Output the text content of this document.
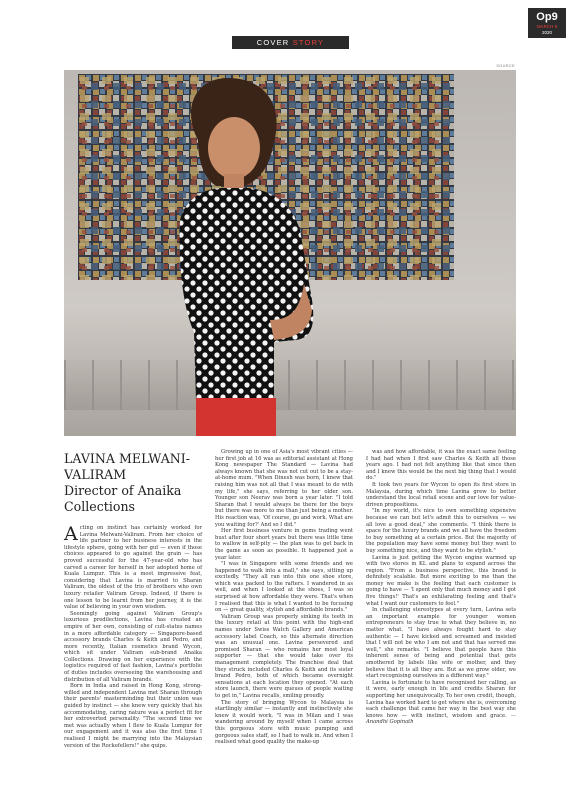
Op9
MARCH 9
2020
COVER STORY
SOURCE
LAVINA MELWANI-
VALIRAM
Director of Anaika
Collections

Acting on instinct has certainly worked for Lavina Melwani-Valiram. From her choice of life partner to her business interests in the lifestyle sphere, going with her gut — even if those choices appeared to go against the grain — has proved successful for the 47-year-old who has carved a career for herself in her adopted home of Kuala Lumpur. This is a most impressive feat, considering that Lavina is married to Sharan Valiram, the oldest of the trio of brothers who own luxury retailer Valiram Group. Indeed, if there is one lesson to be learnt from her journey, it is the value of believing in your own wisdom.

Seemingly going against Valiram Group's luxurious predilections, Lavina has created an empire of her own, consisting of cult-status names in a more affordable category — Singapore-based accessory brands Charles & Keith and Pedro, and more recently, Italian cosmetics brand Wycon, which sit under Valiram sub-brand Anaika Collections. Drawing on her experience with the logistics required of fast fashion, Lavina's portfolio of duties includes overseeing the warehousing and distribution of all Valiram brands.

Born in India and raised in Hong Kong, strong-willed and independent Lavina met Sharan through their parents' masterminding but their union was guided by instinct — she knew very quickly that his accommodating, caring nature was a perfect fit for her extroverted personality. "The second time we met was actually when I flew to Kuala Lumpur for our engagement and it was also the first time I realised I might be marrying into the Malaysian version of the Rockefellers!" she quips.

Growing up in one of Asia's most vibrant cities — her first job at 16 was as editorial assistant at Hong Kong newspaper The Standard — Lavina had always known that she was not cut out to be a stay-at-home mum. "When Dinesh was born, I knew that raising him was not all that I was meant to do with my life," she says, referring to her older son. Younger son Neerav was born a year later. "I told Sharan that I would always be there for the boys but there was more to me than just being a mother. His reaction was, 'Of course, go and work. What are you waiting for?' And so I did."

Her first business venture in gems trading went bust after four short years but there was little time to wallow in self-pity — the plan was to get back in the game as soon as possible. It happened just a year later.

"I was in Singapore with some friends and we happened to walk into a mall," she says, sitting up excitedly. "They all ran into this one shoe store, which was packed to the rafters. I wandered in as well, and when I looked at the shoes, I was so surprised at how affordable they were. That's when I realised that this is what I wanted to be focusing on — great quality, stylish and affordable brands."

Valiram Group was properly sinking its teeth in the luxury retail at this point with the high-end names under Swiss Watch Gallery and American accessory label Coach, so this alternate direction was an unusual one. Lavina persevered and promised Sharan — who remains her most loyal supporter — that she would take over its management completely. The franchise deal that they struck included Charles & Keith and its sister brand Pedro, both of which became overnight sensations at each location they opened. "At each store launch, there were queues of people waiting to get in," Lavina recalls, smiling proudly.

The story of bringing Wycon to Malaysia is startlingly similar — instantly and instinctively she knew it would work. "I was in Milan and I was wandering around by myself when I came across this gorgeous store with music pumping and gorgeous sales staff, so I had to walk in. And when I realised what good quality the make-up

was and how affordable, it was the exact same feeling I had had when I first saw Charles & Keith all those years ago. I had not felt anything like that since then and I knew this would be the next big thing that I would do."

It took two years for Wycon to open its first store in Malaysia, during which time Lavina grew to better understand the local retail scene and our love for value-driven propositions.

"In my world, it's nice to own something expensive because we can but let's admit this to ourselves — we all love a good deal," she comments. "I think there is space for the luxury brands and we all have the freedom to buy something at a certain price. But the majority of the population may have some money but they want to buy something nice, and they want to be stylish."

Lavina is just getting the Wycon engine warmed up with two stores in KL and plans to expand across the region. "From a business perspective, this brand is definitely scalable. But more exciting to me than the money we make is the feeling that each customer is going to have — 'I spent only that much money and I got five things!' That's an exhilarating feeling and that's what I want our customers to feel."

In challenging stereotypes at every turn, Lavina sets an important example for younger women entrepreneurs to stay true to what they believe in, no matter what. "I have always fought hard to stay authentic — I have kicked and screamed and insisted that I will not be who I am not and that has served me well," she remarks. "I believe that people have this inherent sense of being and potential that gets smothered by labels like wife or mother, and they believe that it is all they are. But as we grow older, we start recognising ourselves in a different way."

Lavina is fortunate to have recognised her calling, as it were, early enough in life and credits Sharan for supporting her unequivocally. To her own credit, though, Lavina has worked hard to get where she is, overcoming each challenge that came her way in the best way she knows how — with instinct, wisdom and grace. — Anandhi Gopinath
